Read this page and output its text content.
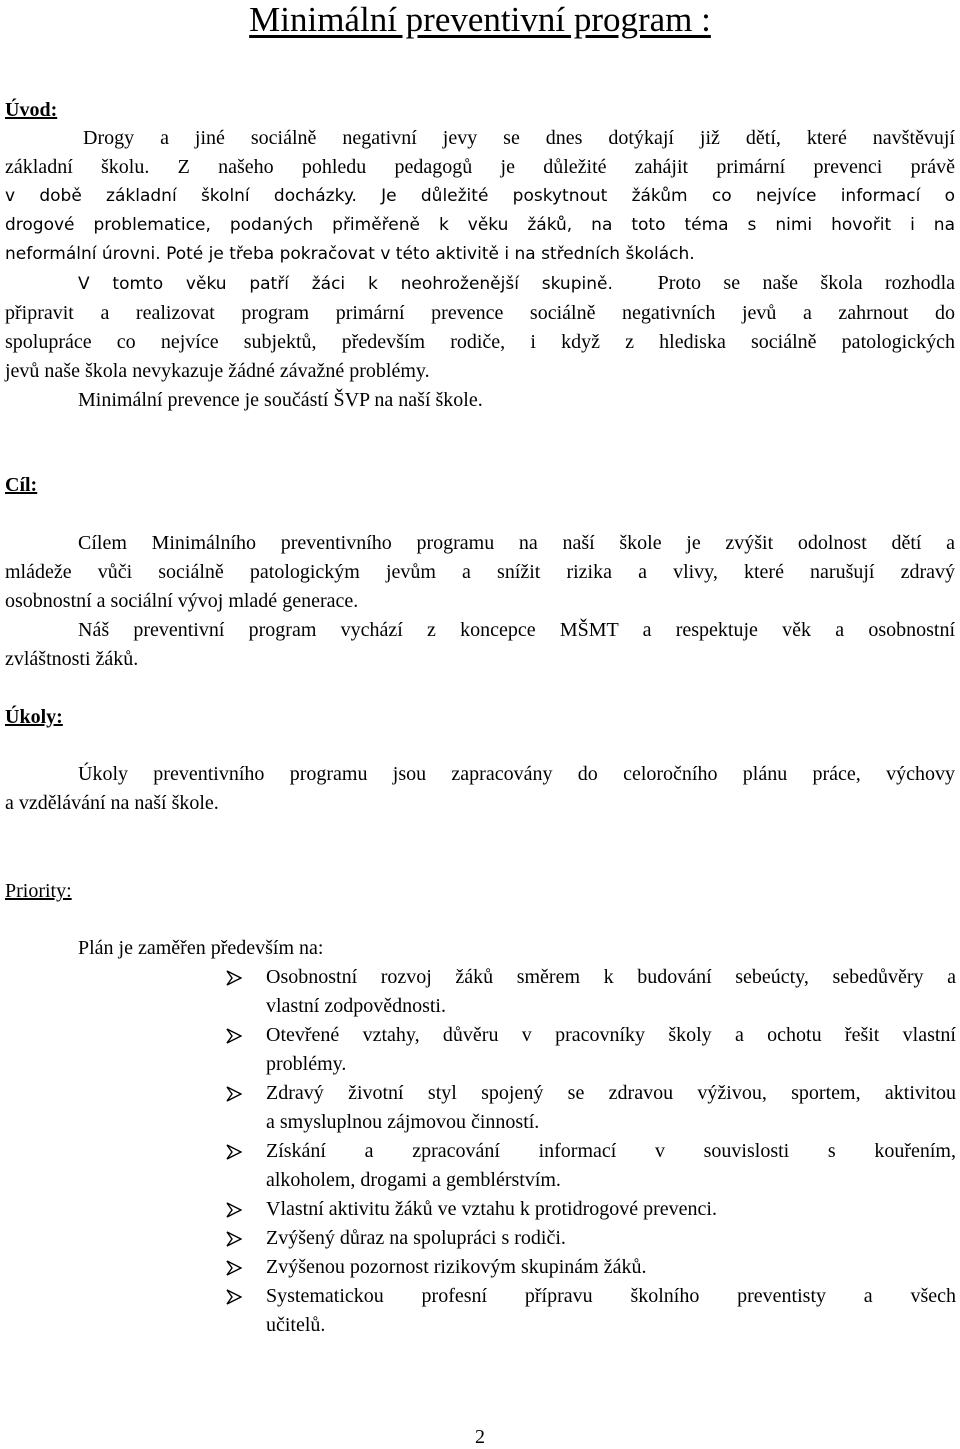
Minimální preventivní program :
Úvod:
Drogy a jiné sociálně negativní jevy se dnes dotýkají již dětí, které navštěvují
základní školu. Z našeho pohledu pedagogů je důležité zahájit primární prevenci právě
v době základní školní docházky. Je důležité poskytnout žákům co nejvíce informací o
drogové problematice, podaných přiměřeně k věku žáků, na toto téma s nimi hovořit i na
neformální úrovni. Poté je třeba pokračovat v této aktivitě i na středních školách.
V tomto věku patří žáci k neohroženější skupině. Proto se naše škola rozhodla
připravit a realizovat program primární prevence sociálně negativních jevů a zahrnout do
spolupráce co nejvíce subjektů, především rodiče, i když z hlediska sociálně patologických
jevů naše škola nevykazuje žádné závažné problémy.
Minimální prevence je součástí ŠVP na naší škole.
Cíl:
Cílem Minimálního preventivního programu na naší škole je zvýšit odolnost dětí a
mládeže vůči sociálně patologickým jevům a snížit rizika a vlivy, které narušují zdravý
osobnostní a sociální vývoj mladé generace.
Náš preventivní program vychází z koncepce MŠMT a respektuje věk a osobnostní
zvláštnosti žáků.
Úkoly:
Úkoly preventivního programu jsou zapracovány do celoročního plánu práce, výchovy
a vzdělávání na naší škole.
Priority:
Plán je zaměřen především na:
Osobnostní rozvoj žáků směrem k budování sebeúcty, sebedůvěry a
vlastní zodpovědnosti.
Otevřené vztahy, důvěru v pracovníky školy a ochotu řešit vlastní
problémy.
Zdravý životní styl spojený se zdravou výživou, sportem, aktivitou
a smysluplnou zájmovou činností.
Získání a zpracování informací v souvislosti s kouřením,
alkoholem, drogami a gemblérstvím.
Vlastní aktivitu žáků ve vztahu k protidrogové prevenci.
Zvýšený důraz na spolupráci s rodiči.
Zvýšenou pozornost rizikovým skupinám žáků.
Systematickou profesní přípravu školního preventisty a všech
učitelů.
2
